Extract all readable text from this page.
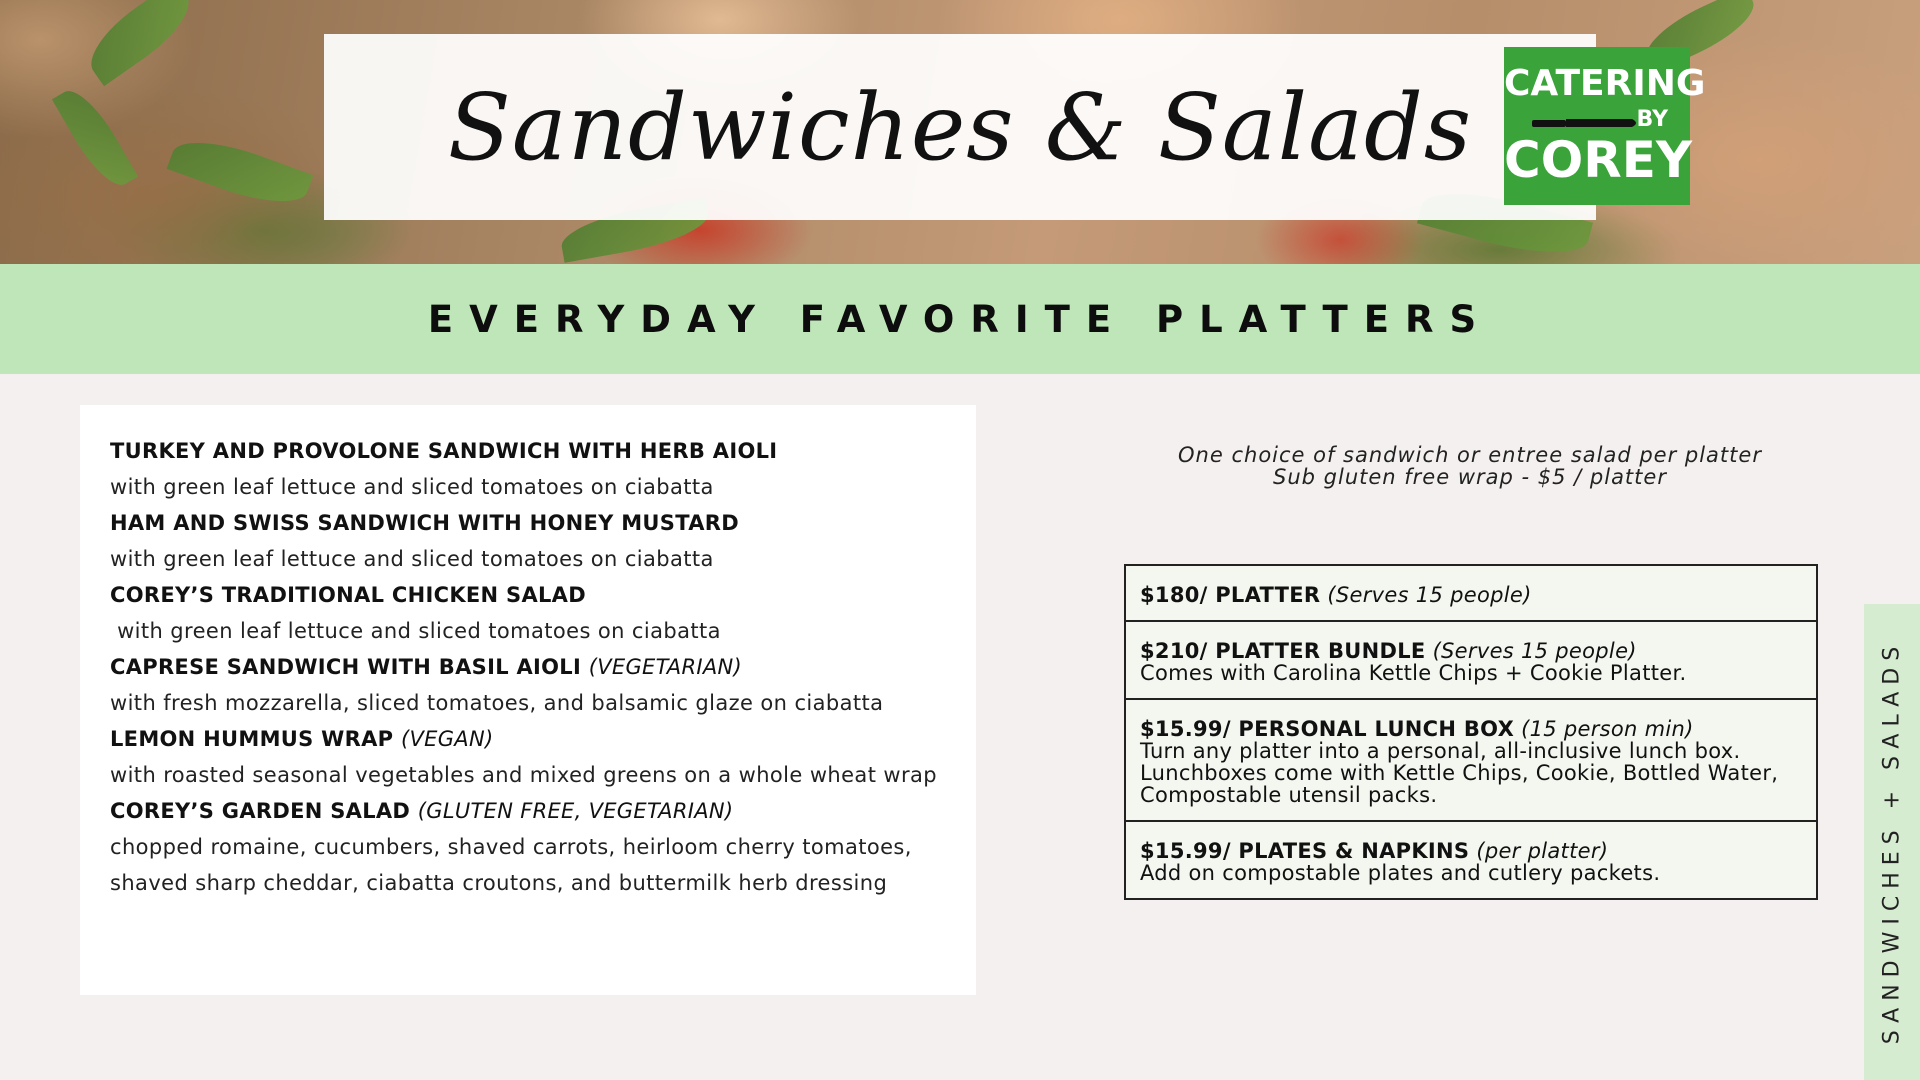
Sandwiches & Salads CATERING
BY
COREY
EVERYDAY FAVORITE PLATTERS
TURKEY AND PROVOLONE SANDWICH WITH HERB AIOLI
with green leaf lettuce and sliced tomatoes on ciabatta
HAM AND SWISS SANDWICH WITH HONEY MUSTARD
with green leaf lettuce and sliced tomatoes on ciabatta
COREY’S TRADITIONAL CHICKEN SALAD
with green leaf lettuce and sliced tomatoes on ciabatta
CAPRESE SANDWICH WITH BASIL AIOLI (VEGETARIAN)
with fresh mozzarella, sliced tomatoes, and balsamic glaze on ciabatta
LEMON HUMMUS WRAP (VEGAN)
with roasted seasonal vegetables and mixed greens on a whole wheat wrap
COREY’S GARDEN SALAD (GLUTEN FREE, VEGETARIAN)
chopped romaine, cucumbers, shaved carrots, heirloom cherry tomatoes, shaved sharp cheddar, ciabatta croutons, and buttermilk herb dressing
One choice of sandwich or entree salad per platter
Sub gluten free wrap - $5 / platter
$180/ PLATTER (Serves 15 people)
$210/ PLATTER BUNDLE (Serves 15 people)
Comes with Carolina Kettle Chips + Cookie Platter.
$15.99/ PERSONAL LUNCH BOX (15 person min)
Turn any platter into a personal, all-inclusive lunch box. Lunchboxes come with Kettle Chips, Cookie, Bottled Water, Compostable utensil packs.
$15.99/ PLATES & NAPKINS (per platter)
Add on compostable plates and cutlery packets.	SANDWICHES + SALADS
